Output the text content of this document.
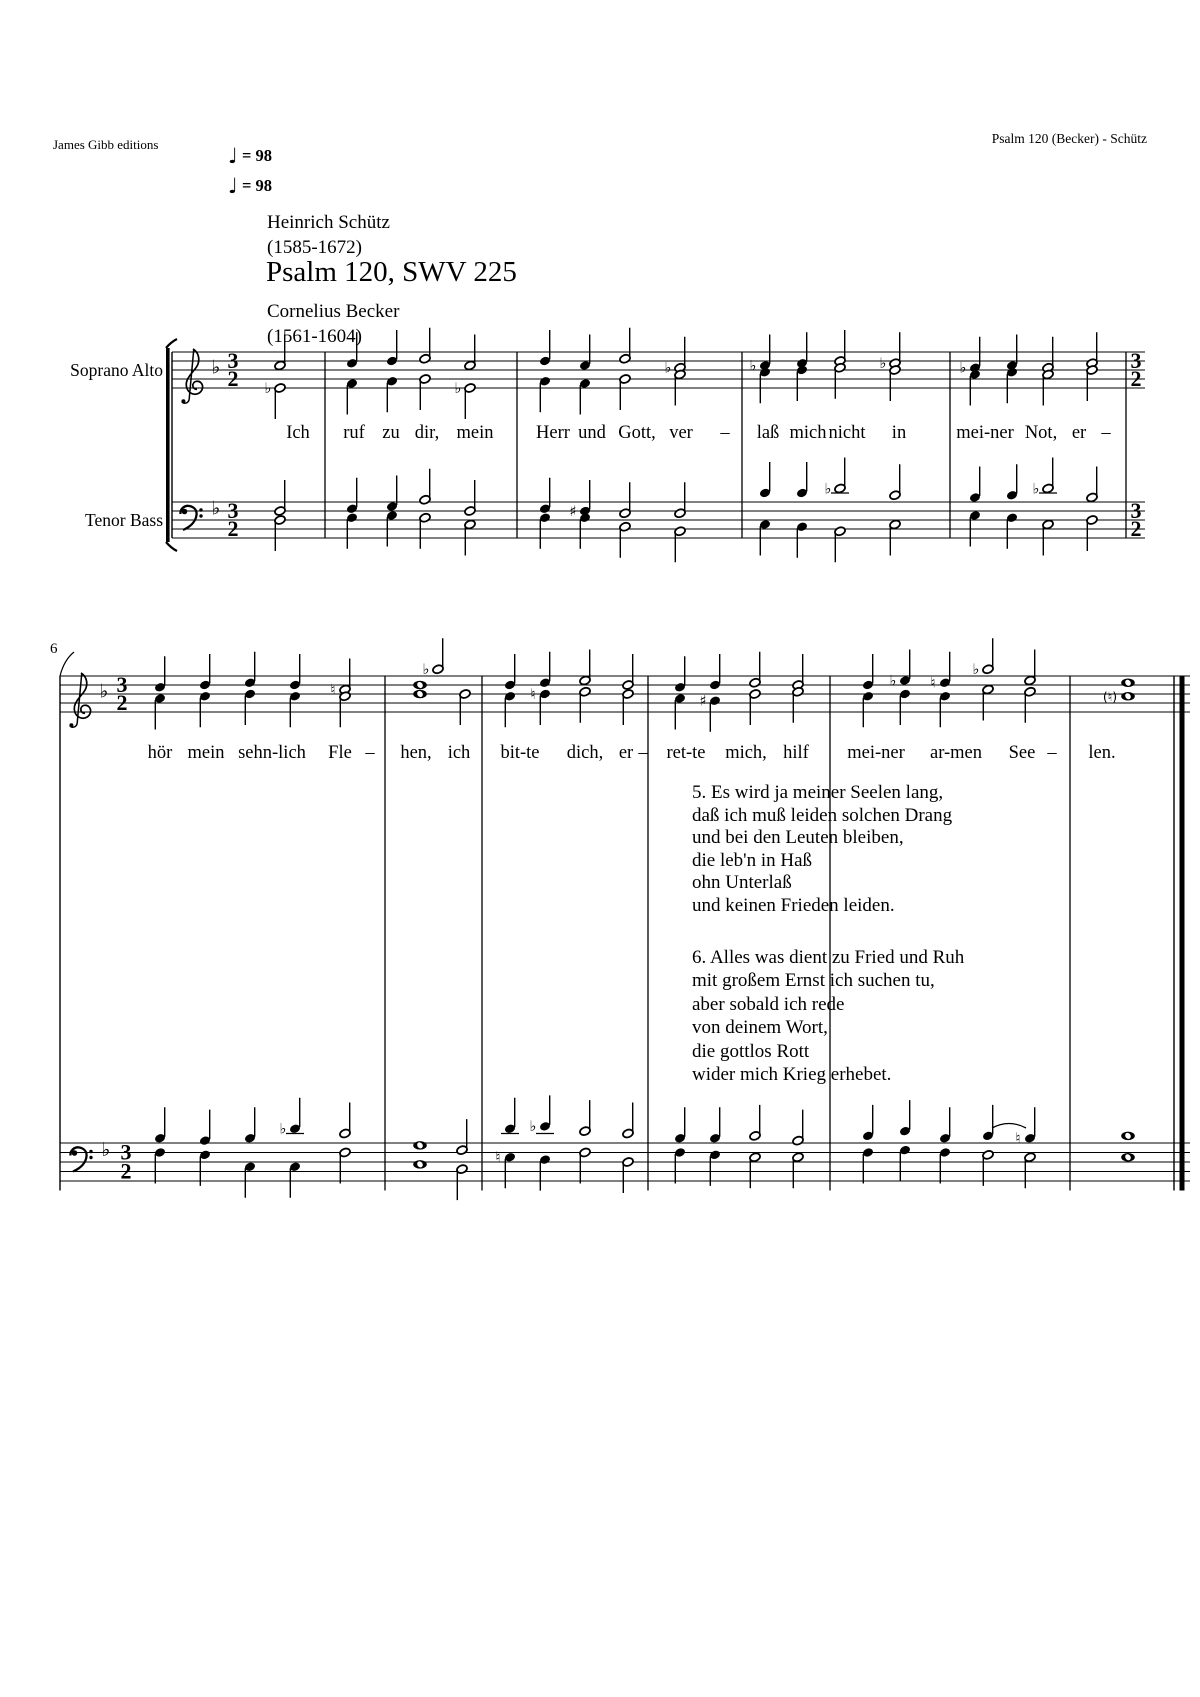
James Gibb editions	Psalm 120 (Becker) - Schütz
♩ = 98
♩ = 98
Heinrich Schütz
(1585-1672)
Psalm 120, SWV 225
Cornelius Becker
(1561-1604)
Soprano Alto
Tenor Bass
6
♭ 3
2
3
2
♭	♭
♭	♭	♭	♭
♭ 3
2
3
2
♯
♭	♭
♭ 3
2	♮
♭
♮	♯
♭ ♮
♭
(♮)
♭ 3
2
♭
♮
♭
♮
Ich ruf zu dir, mein Herr und Gott, ver – laß mich nicht in	mei-ner Not, er –
hör mein sehn-lich Fle – hen, ich bit-te dich, er – ret-te mich, hilf mei-ner ar-men See – len.
5. Es wird ja meiner Seelen lang,
daß ich muß leiden solchen Drang
und bei den Leuten bleiben,
die leb'n in Haß
ohn Unterlaß
und keinen Frieden leiden.
6. Alles was dient zu Fried und Ruh
mit großem Ernst ich suchen tu,
aber sobald ich rede
von deinem Wort,
die gottlos Rott
wider mich Krieg erhebet.
